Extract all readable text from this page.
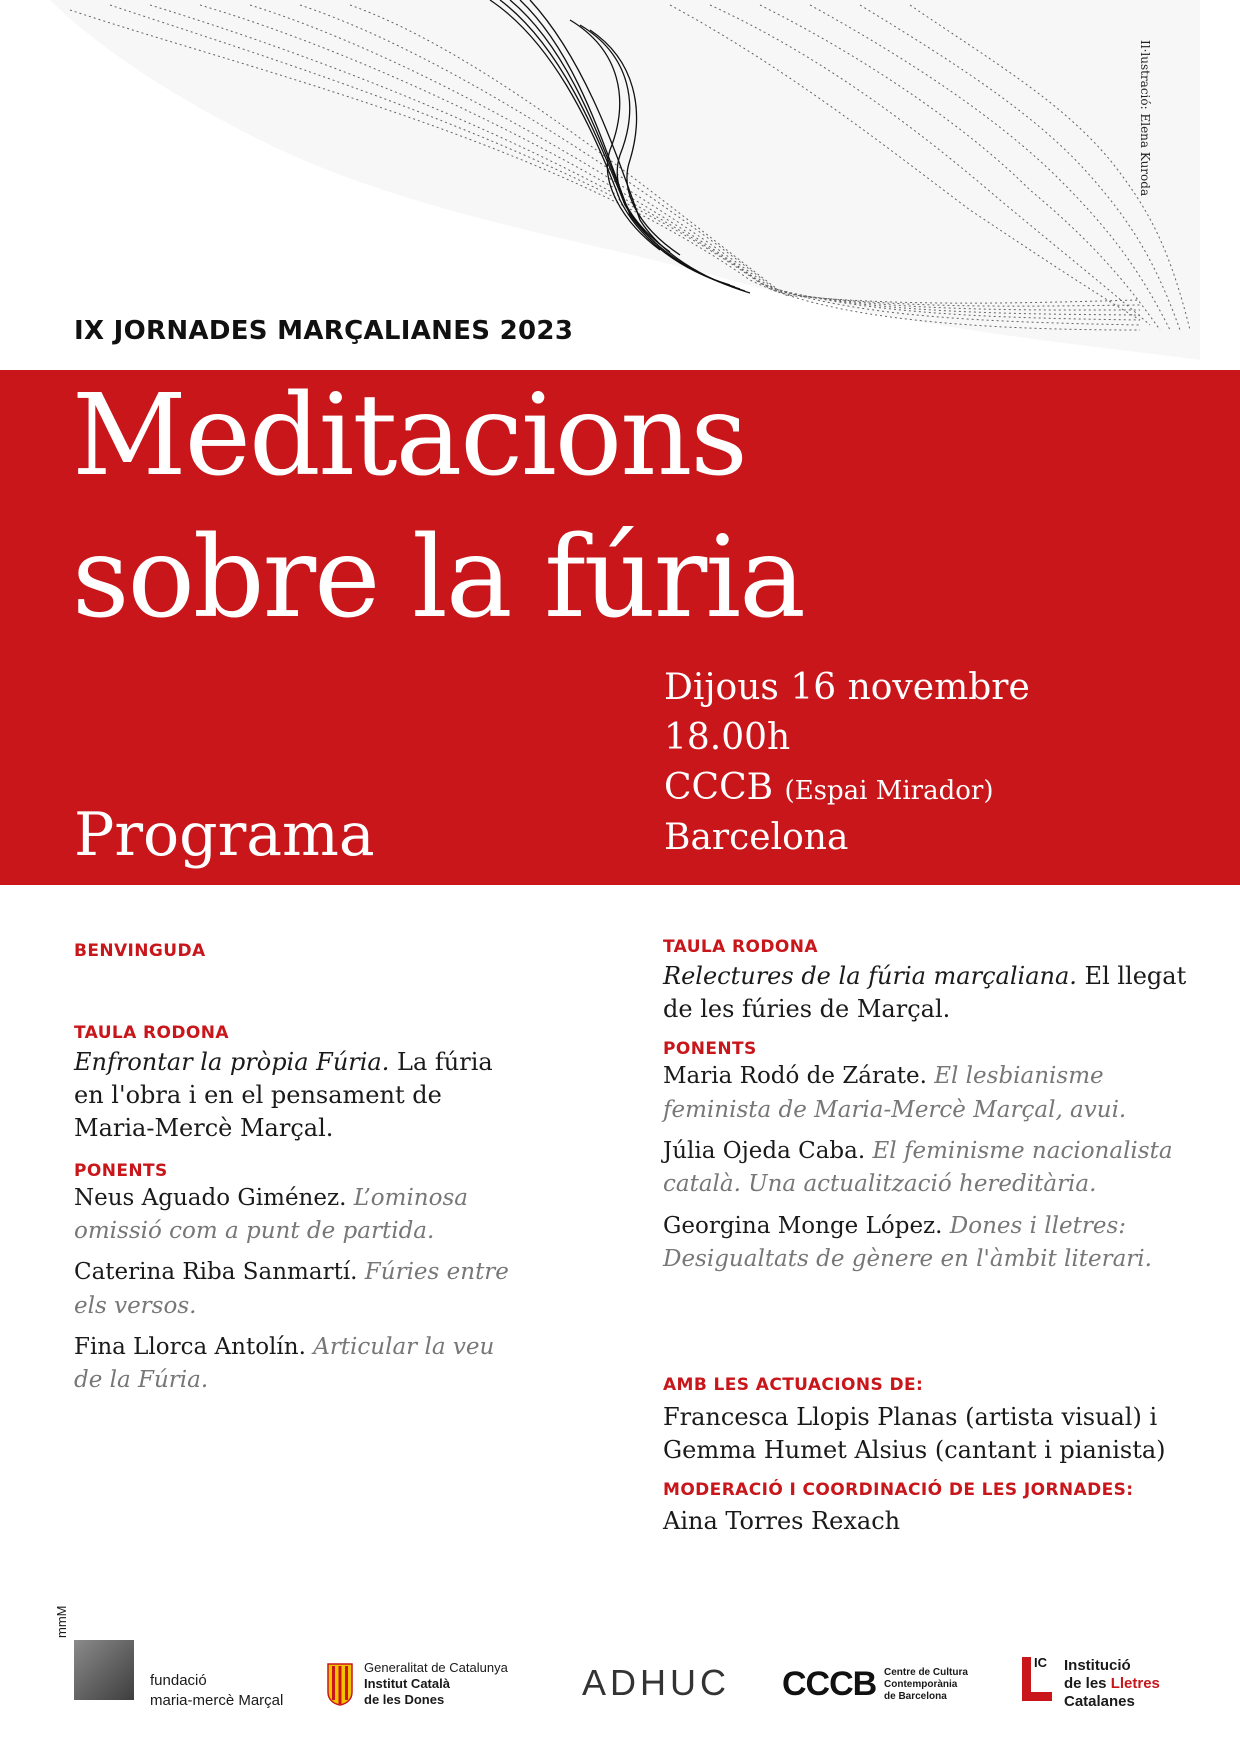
Il·lustració: Elena Kuroda
IX JORNADES MARÇALIANES 2023
Meditacions
sobre la fúria
Programa
Dijous 16 novembre
18.00h
CCCB (Espai Mirador)
Barcelona
BENVINGUDA
TAULA RODONA
Enfrontar la pròpia Fúria. La fúria en l'obra i en el pensament de Maria-Mercè Marçal.
PONENTS
Neus Aguado Giménez. L’ominosa omissió com a punt de partida.
Caterina Riba Sanmartí. Fúries entre els versos.
Fina Llorca Antolín. Articular la veu de la Fúria.
TAULA RODONA
Relectures de la fúria marçaliana. El llegat de les fúries de Marçal.
PONENTS
Maria Rodó de Zárate. El lesbianisme feminista de Maria-Mercè Marçal, avui.
Júlia Ojeda Caba. El feminisme nacionalista català. Una actualització hereditària.
Georgina Monge López. Dones i lletres: Desigualtats de gènere en l'àmbit literari.
AMB LES ACTUACIONS DE:
Francesca Llopis Planas (artista visual) i Gemma Humet Alsius (cantant i pianista)
MODERACIÓ I COORDINACIÓ DE LES JORNADES:
Aina Torres Rexach
mmM
fundació
maria-mercè Marçal
Generalitat de Catalunya
Institut Català
de les Dones	ADHUC CCCB Centre de Cultura
Contemporània
de Barcelona
IC Institució
de les Lletres
Catalanes
